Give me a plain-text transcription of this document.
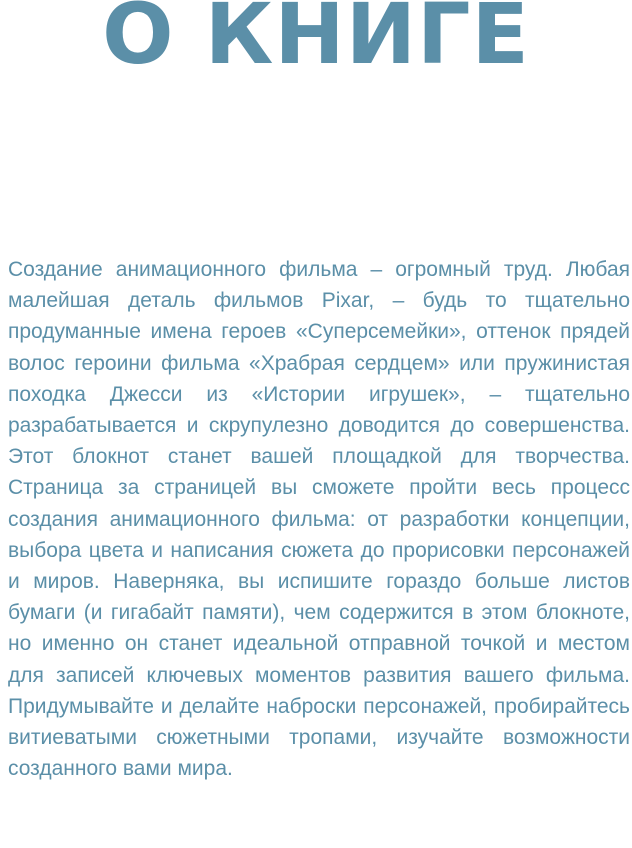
О КНИГЕ

Создание анимационного фильма – огромный труд. Любая малейшая деталь фильмов Pixar, – будь то тщательно продуманные имена героев «Суперсемейки», оттенок прядей волос героини фильма «Храбрая сердцем» или пружинистая походка Джесси из «Истории игрушек», – тщательно разрабатывается и скрупулезно доводится до совершенства. Этот блокнот станет вашей площадкой для творчества. Страница за страницей вы сможете пройти весь процесс создания анимационного фильма: от разработки концепции, выбора цвета и написания сюжета до прорисовки персонажей и миров. Наверняка, вы испишите гораздо больше листов бумаги (и гигабайт памяти), чем содержится в этом блокноте, но именно он станет идеальной отправной точкой и местом для записей ключевых моментов развития вашего фильма. Придумывайте и делайте наброски персонажей, пробирайтесь витиеватыми сюжетными тропами, изучайте возможности созданного вами мира.
